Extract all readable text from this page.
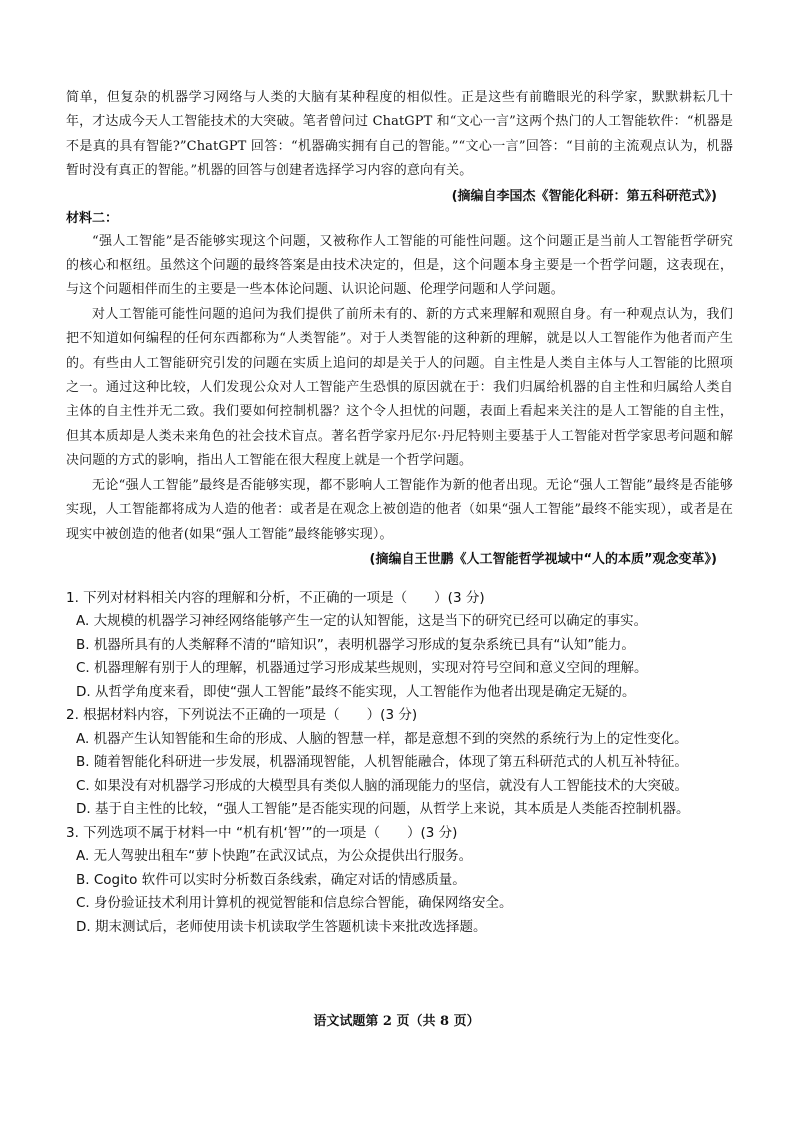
简单，但复杂的机器学习网络与人类的大脑有某种程度的相似性。正是这些有前瞻眼光的科学家，默默耕耘几十年，才达成今天人工智能技术的大突破。笔者曾问过 ChatGPT 和“文心一言”这两个热门的人工智能软件：“机器是不是真的具有智能?”ChatGPT 回答：“机器确实拥有自己的智能。”“文心一言”回答：“目前的主流观点认为，机器暂时没有真正的智能。”机器的回答与创建者选择学习内容的意向有关。

(摘编自李国杰《智能化科研：第五科研范式》)

材料二：

“强人工智能”是否能够实现这个问题，又被称作人工智能的可能性问题。这个问题正是当前人工智能哲学研究的核心和枢纽。虽然这个问题的最终答案是由技术决定的，但是，这个问题本身主要是一个哲学问题，这表现在，与这个问题相伴而生的主要是一些本体论问题、认识论问题、伦理学问题和人学问题。

对人工智能可能性问题的追问为我们提供了前所未有的、新的方式来理解和观照自身。有一种观点认为，我们把不知道如何编程的任何东西都称为“人类智能”。对于人类智能的这种新的理解，就是以人工智能作为他者而产生的。有些由人工智能研究引发的问题在实质上追问的却是关于人的问题。自主性是人类自主体与人工智能的比照项之一。通过这种比较，人们发现公众对人工智能产生恐惧的原因就在于：我们归属给机器的自主性和归属给人类自主体的自主性并无二致。我们要如何控制机器？这个令人担忧的问题，表面上看起来关注的是人工智能的自主性，但其本质却是人类未来角色的社会技术盲点。著名哲学家丹尼尔·丹尼特则主要基于人工智能对哲学家思考问题和解决问题的方式的影响，指出人工智能在很大程度上就是一个哲学问题。

无论“强人工智能”最终是否能够实现，都不影响人工智能作为新的他者出现。无论“强人工智能”最终是否能够实现，人工智能都将成为人造的他者：或者是在观念上被创造的他者（如果“强人工智能”最终不能实现），或者是在现实中被创造的他者(如果“强人工智能”最终能够实现）。

(摘编自王世鹏《人工智能哲学视域中“人的本质”观念变革》)

1. 下列对材料相关内容的理解和分析，不正确的一项是（　　）(3 分)

A. 大规模的机器学习神经网络能够产生一定的认知智能，这是当下的研究已经可以确定的事实。

B. 机器所具有的人类解释不清的“暗知识”，表明机器学习形成的复杂系统已具有“认知”能力。

C. 机器理解有别于人的理解，机器通过学习形成某些规则，实现对符号空间和意义空间的理解。

D. 从哲学角度来看，即使“强人工智能”最终不能实现，人工智能作为他者出现是确定无疑的。

2. 根据材料内容，下列说法不正确的一项是（　　）(3 分)

A. 机器产生认知智能和生命的形成、人脑的智慧一样，都是意想不到的突然的系统行为上的定性变化。

B. 随着智能化科研进一步发展，机器涌现智能，人机智能融合，体现了第五科研范式的人机互补特征。

C. 如果没有对机器学习形成的大模型具有类似人脑的涌现能力的坚信，就没有人工智能技术的大突破。

D. 基于自主性的比较，“强人工智能”是否能实现的问题，从哲学上来说，其本质是人类能否控制机器。

3. 下列选项不属于材料一中 “机有机‘智’”的一项是（　　）(3 分)

A. 无人驾驶出租车“萝卜快跑”在武汉试点，为公众提供出行服务。

B. Cogito 软件可以实时分析数百条线索，确定对话的情感质量。

C. 身份验证技术利用计算机的视觉智能和信息综合智能，确保网络安全。

D. 期末测试后，老师使用读卡机读取学生答题机读卡来批改选择题。

语文试题第 2 页（共 8 页）
